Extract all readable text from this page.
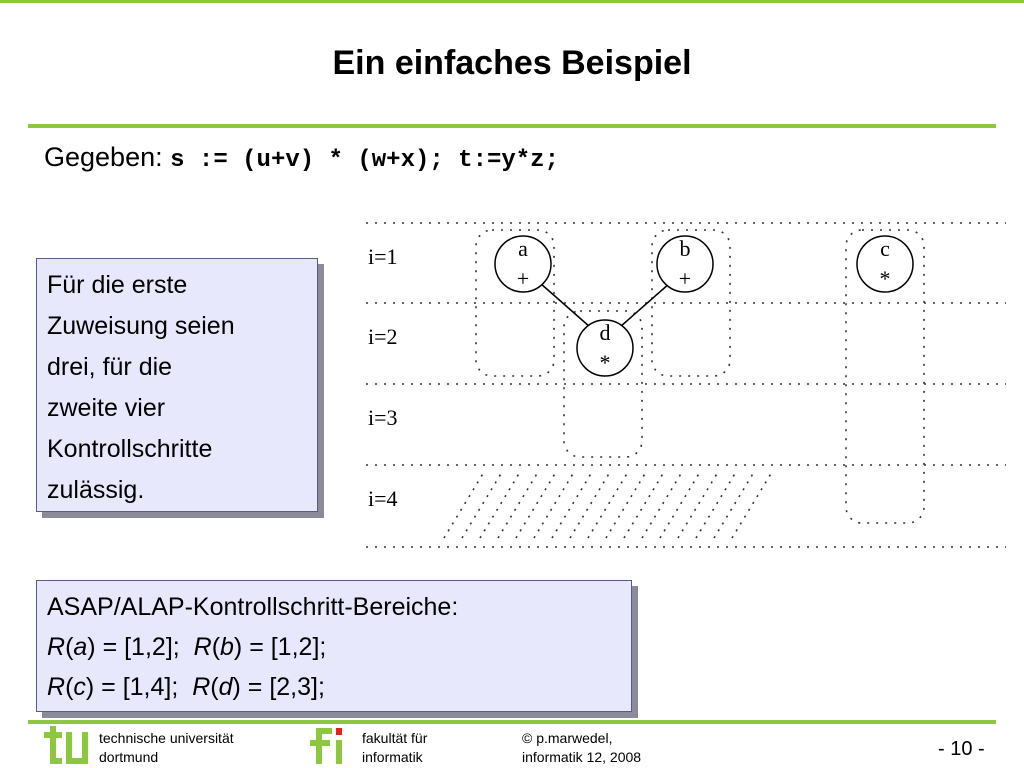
Ein einfaches Beispiel
Gegeben: s := (u+v) * (w+x); t:=y*z;
Für die erste
Zuweisung seien
drei, für die
zweite vier
Kontrollschritte
zulässig.
i=1
i=2
i=3
i=4
a
+
b
+
c
*
d
*
ASAP/ALAP-Kontrollschritt-Bereiche:
R(a) = [1,2]; R(b) = [1,2];
R(c) = [1,4]; R(d) = [2,3];
technische universität
dortmund
fakultät für
informatik
© p.marwedel,
informatik 12, 2008	- 10 -
